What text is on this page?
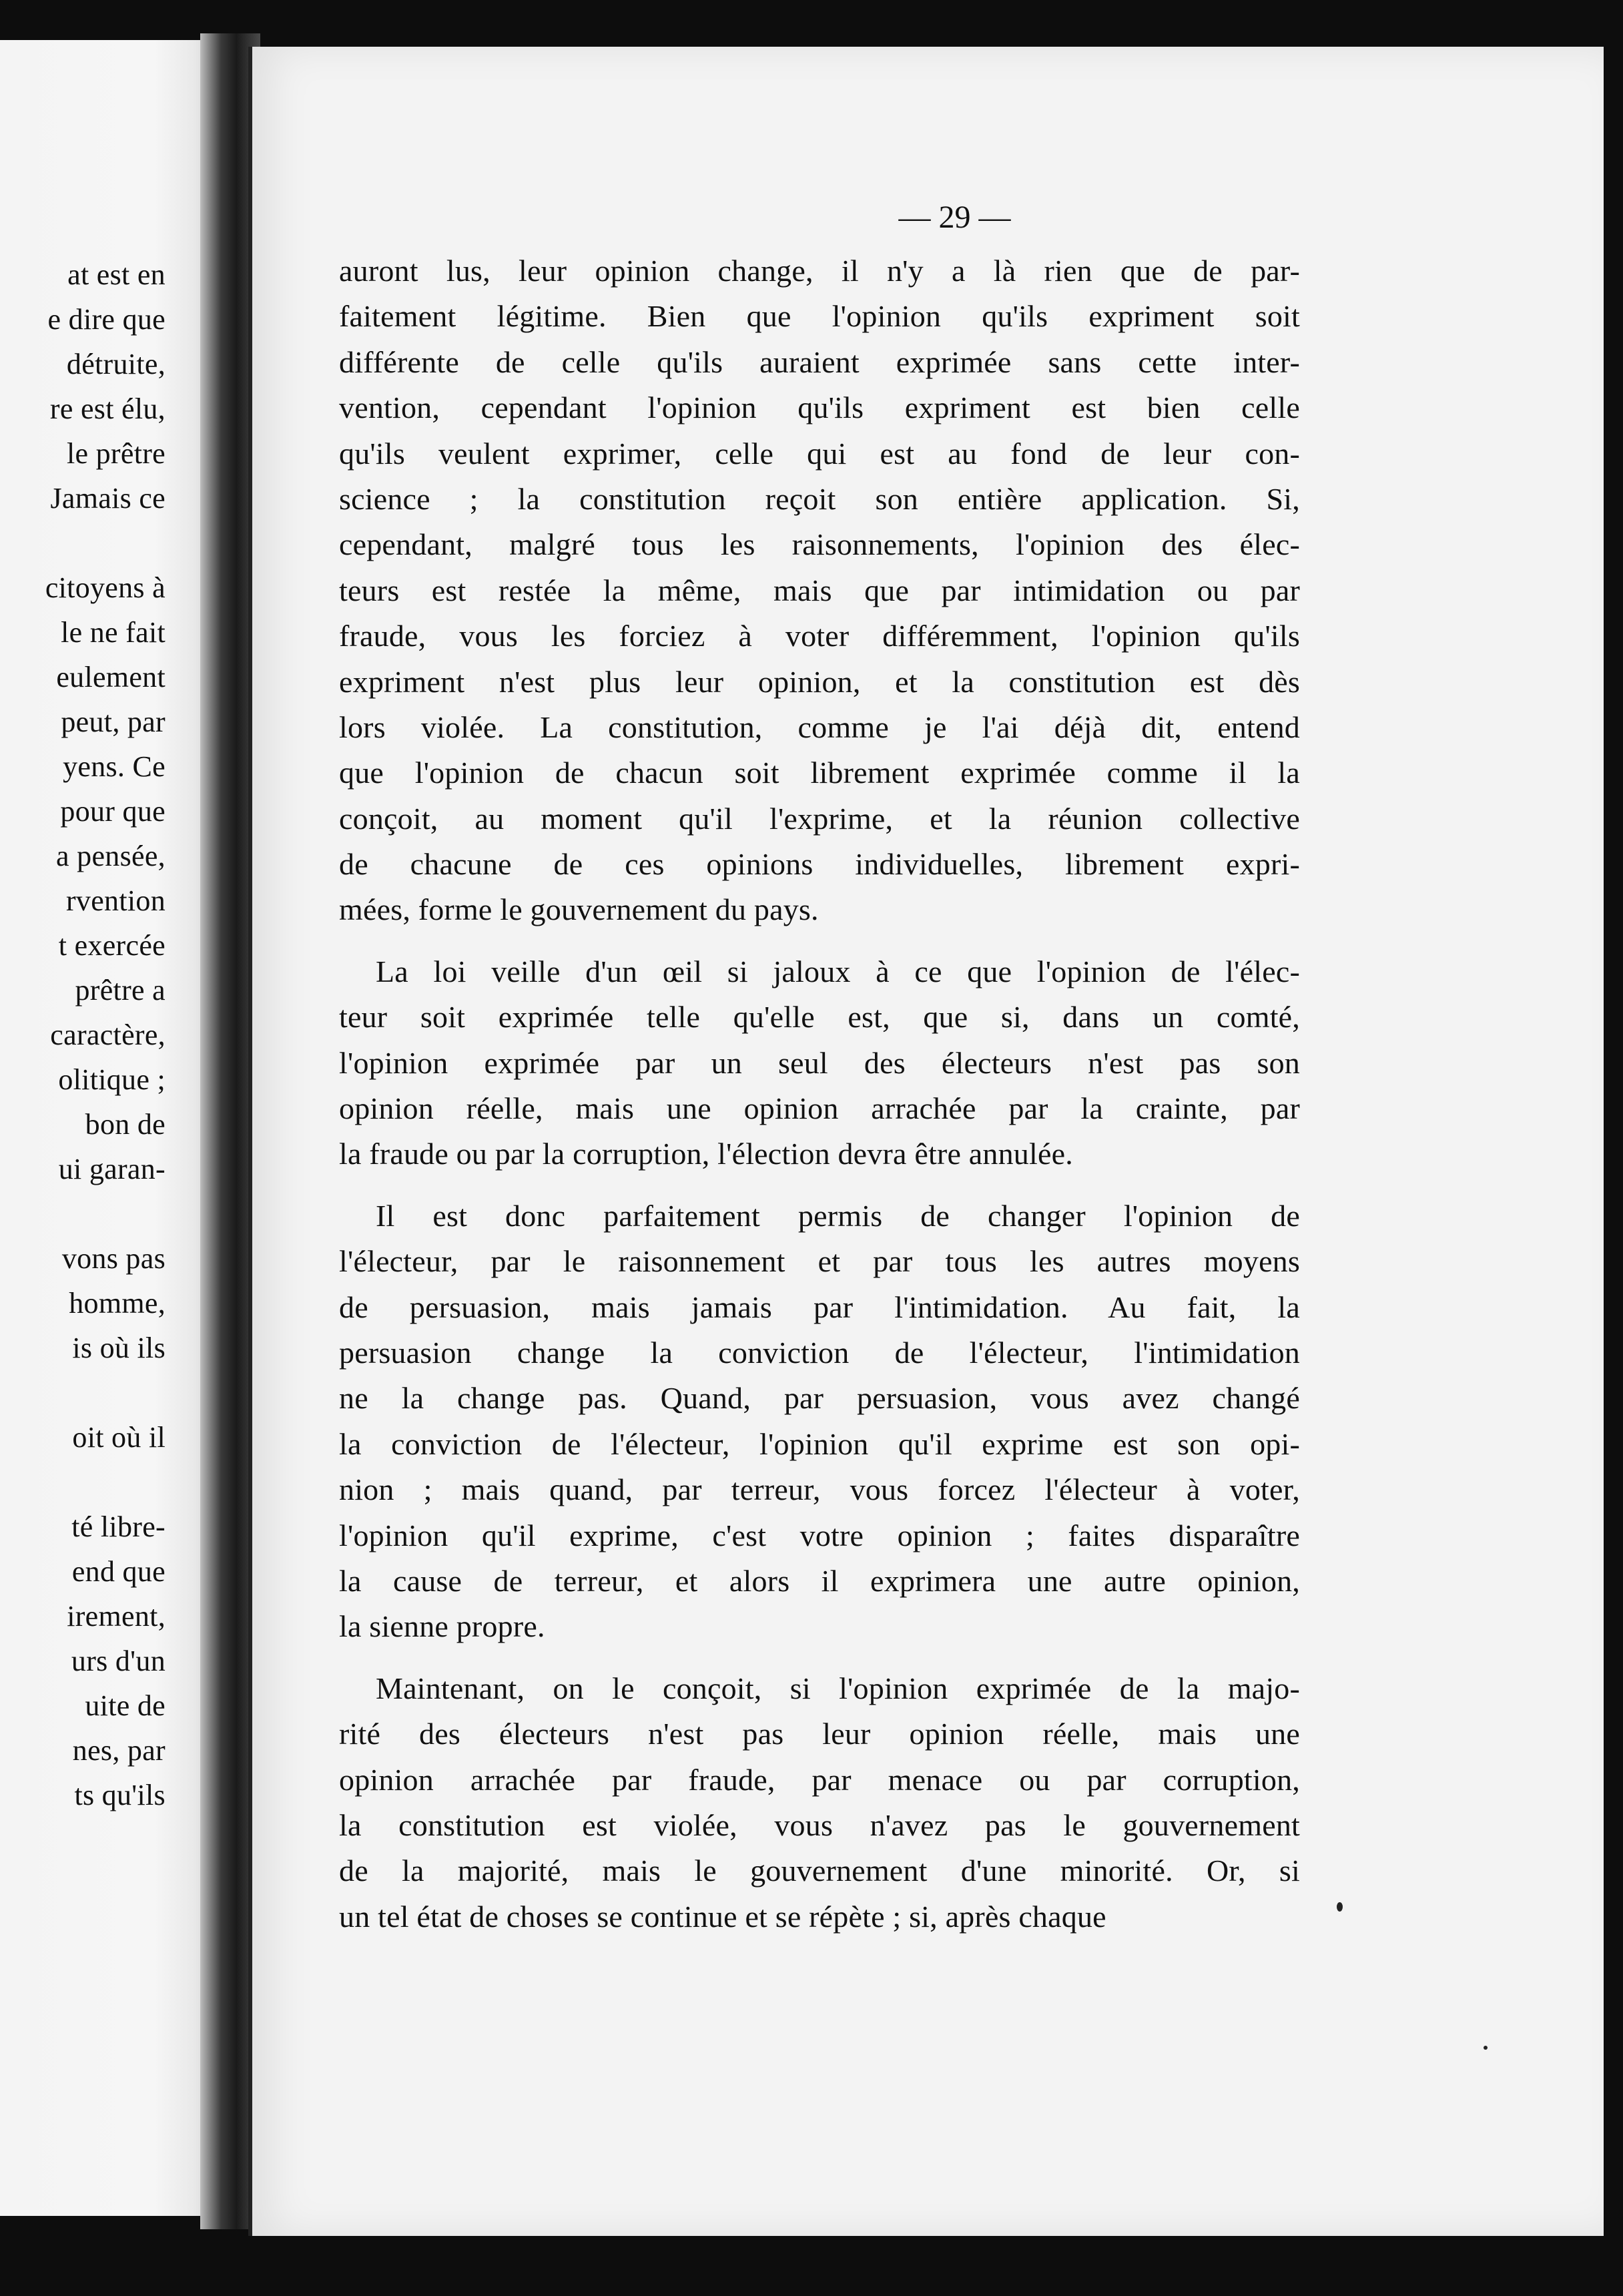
at est en
e dire que
détruite,
re est élu,
le prêtre
Jamais ce
citoyens à
le ne fait
eulement
peut, par
yens. Ce
pour que
a pensée,
rvention
t exercée
prêtre a
caractère,
olitique ;
bon de
ui garan-
vons pas
homme,
is où ils
oit où il
té libre-
end que
irement,
urs d'un
uite de
nes, par
ts qu'ils
— 29 —
auront lus, leur opinion change, il n'y a là rien que de par-
faitement légitime. Bien que l'opinion qu'ils expriment soit
différente de celle qu'ils auraient exprimée sans cette inter-
vention, cependant l'opinion qu'ils expriment est bien celle
qu'ils veulent exprimer, celle qui est au fond de leur con-
science ; la constitution reçoit son entière application. Si,
cependant, malgré tous les raisonnements, l'opinion des élec-
teurs est restée la même, mais que par intimidation ou par
fraude, vous les forciez à voter différemment, l'opinion qu'ils
expriment n'est plus leur opinion, et la constitution est dès
lors violée. La constitution, comme je l'ai déjà dit, entend
que l'opinion de chacun soit librement exprimée comme il la
conçoit, au moment qu'il l'exprime, et la réunion collective
de chacune de ces opinions individuelles, librement expri-
mées, forme le gouvernement du pays.
La loi veille d'un œil si jaloux à ce que l'opinion de l'élec-
teur soit exprimée telle qu'elle est, que si, dans un comté,
l'opinion exprimée par un seul des électeurs n'est pas son
opinion réelle, mais une opinion arrachée par la crainte, par
la fraude ou par la corruption, l'élection devra être annulée.
Il est donc parfaitement permis de changer l'opinion de
l'électeur, par le raisonnement et par tous les autres moyens
de persuasion, mais jamais par l'intimidation. Au fait, la
persuasion change la conviction de l'électeur, l'intimidation
ne la change pas. Quand, par persuasion, vous avez changé
la conviction de l'électeur, l'opinion qu'il exprime est son opi-
nion ; mais quand, par terreur, vous forcez l'électeur à voter,
l'opinion qu'il exprime, c'est votre opinion ; faites disparaître
la cause de terreur, et alors il exprimera une autre opinion,
la sienne propre.
Maintenant, on le conçoit, si l'opinion exprimée de la majo-
rité des électeurs n'est pas leur opinion réelle, mais une
opinion arrachée par fraude, par menace ou par corruption,
la constitution est violée, vous n'avez pas le gouvernement
de la majorité, mais le gouvernement d'une minorité. Or, si
un tel état de choses se continue et se répète ; si, après chaque
